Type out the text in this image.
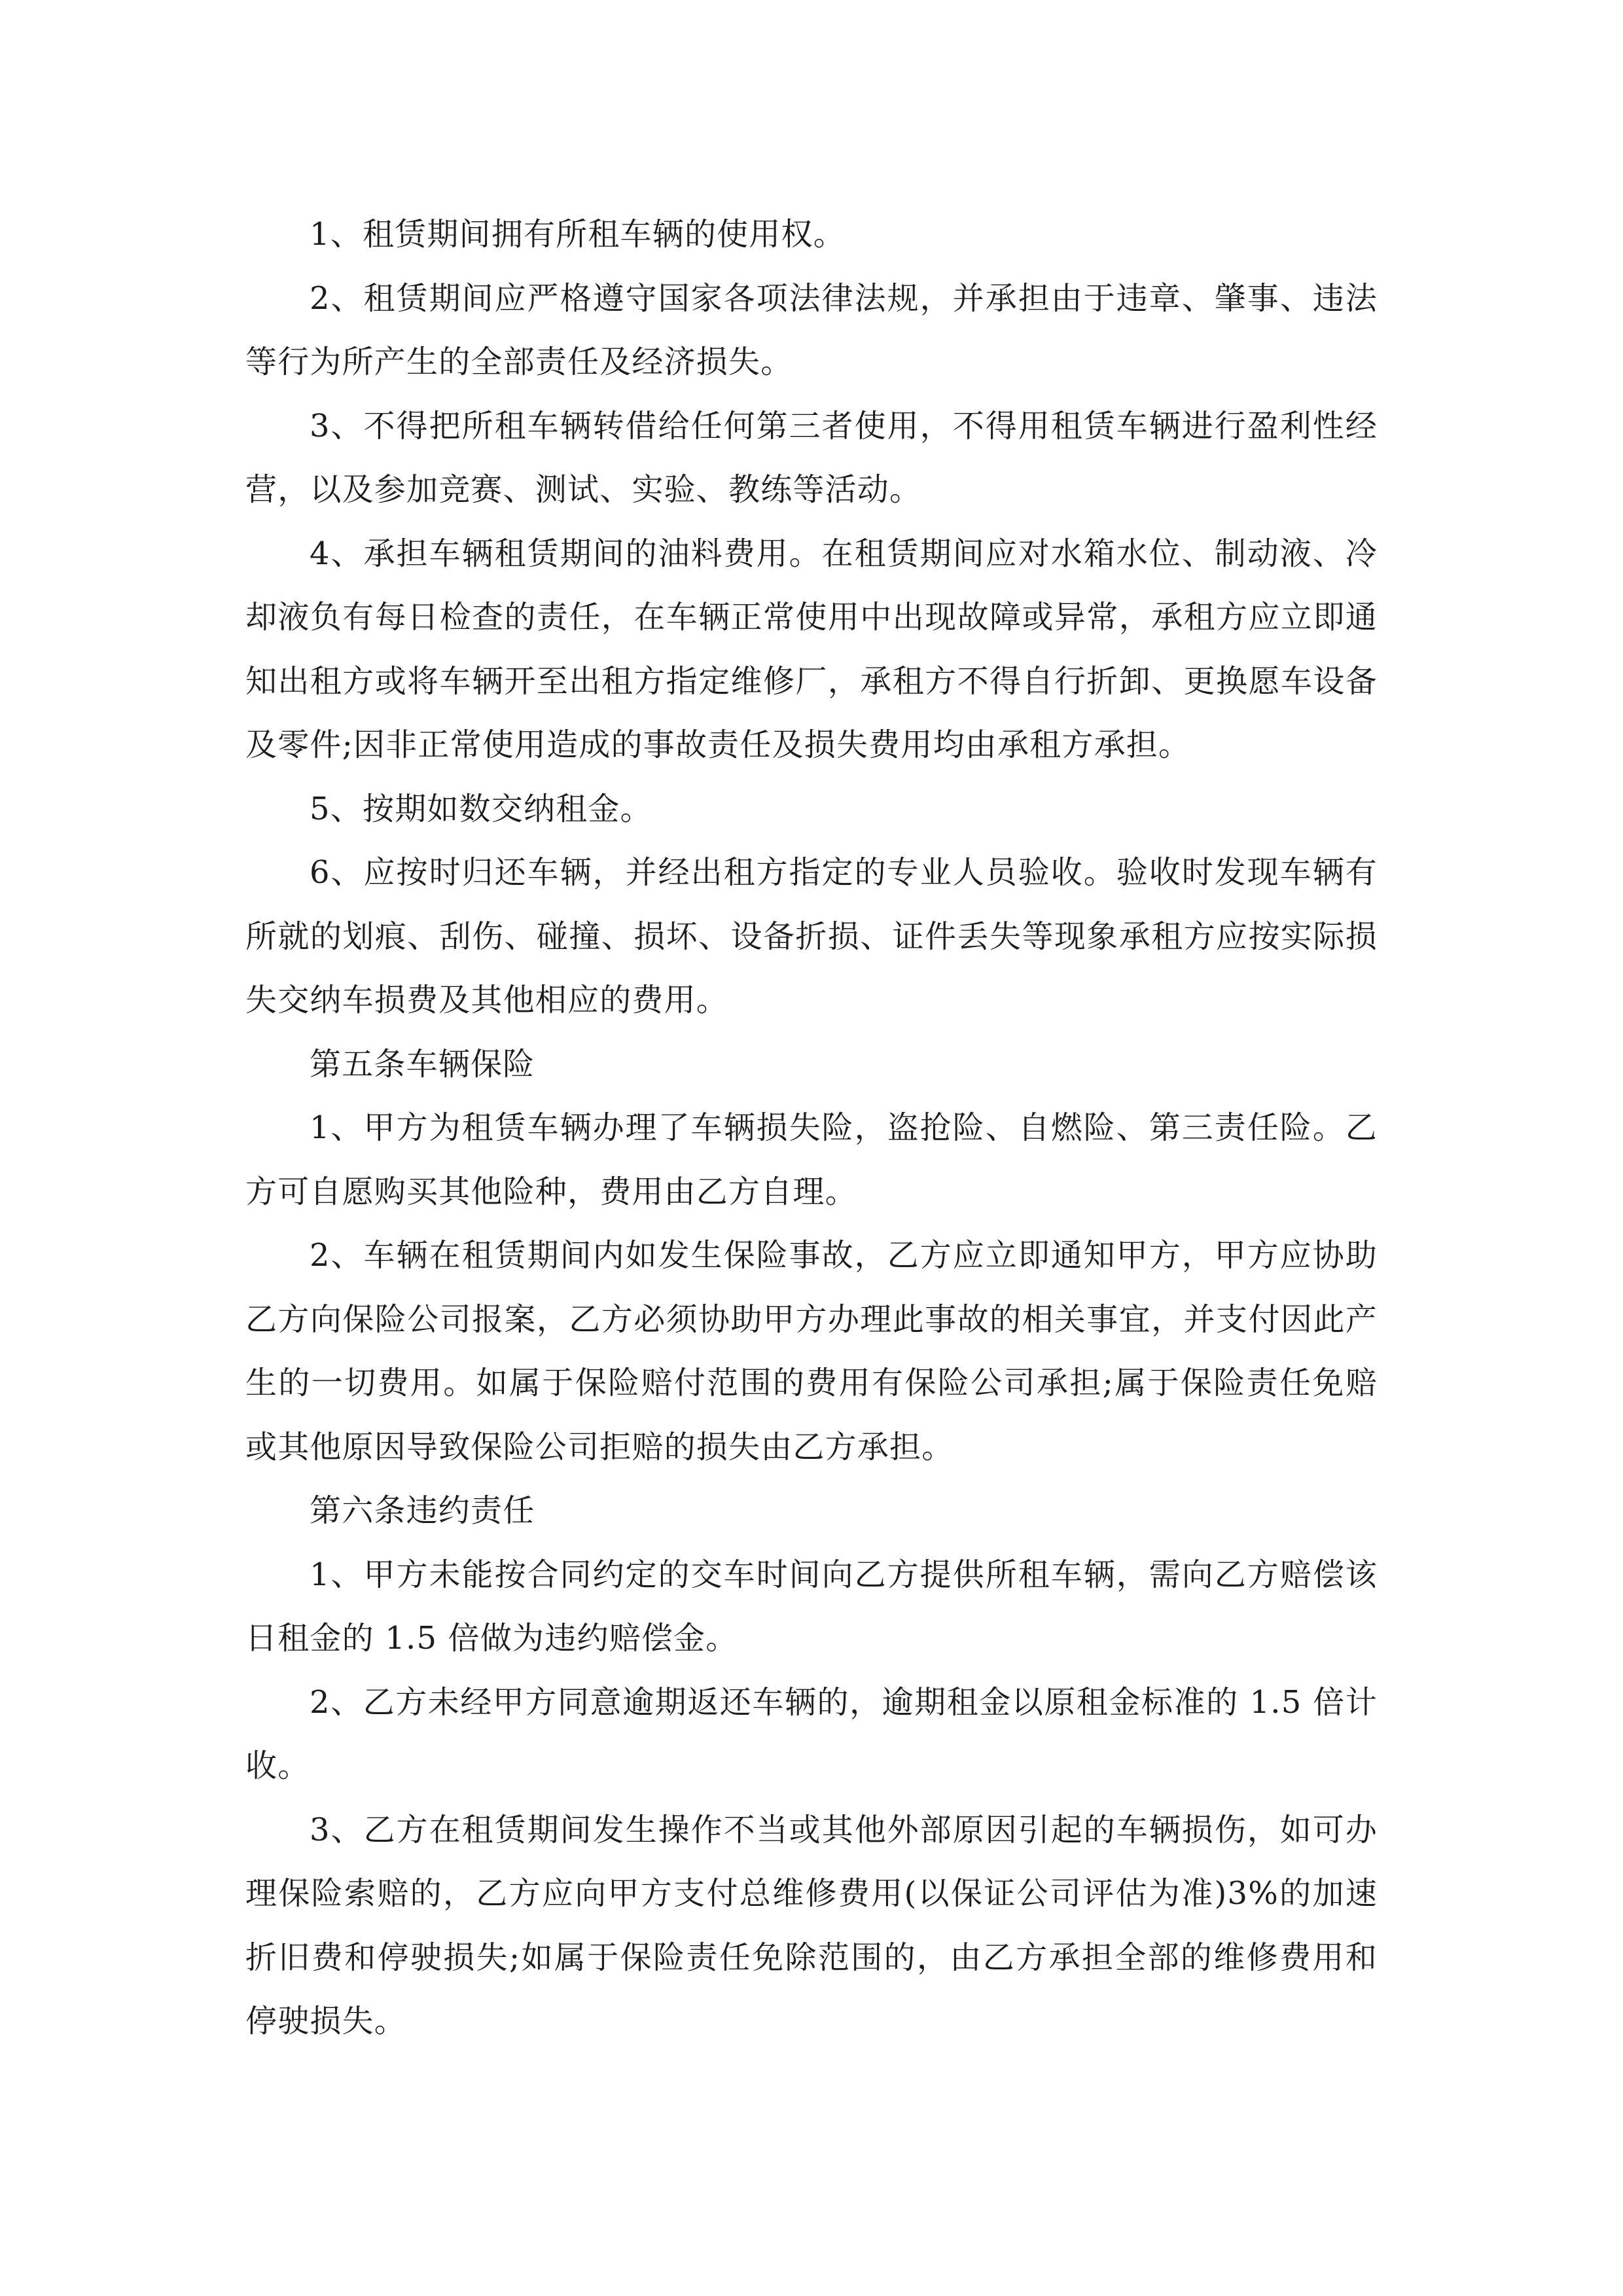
1、租赁期间拥有所租车辆的使用权。

2、租赁期间应严格遵守国家各项法律法规，并承担由于违章、肇事、违法等行为所产生的全部责任及经济损失。

3、不得把所租车辆转借给任何第三者使用，不得用租赁车辆进行盈利性经营，以及参加竞赛、测试、实验、教练等活动。

4、承担车辆租赁期间的油料费用。在租赁期间应对水箱水位、制动液、冷却液负有每日检查的责任，在车辆正常使用中出现故障或异常，承租方应立即通知出租方或将车辆开至出租方指定维修厂，承租方不得自行折卸、更换愿车设备及零件;因非正常使用造成的事故责任及损失费用均由承租方承担。

5、按期如数交纳租金。

6、应按时归还车辆，并经出租方指定的专业人员验收。验收时发现车辆有所就的划痕、刮伤、碰撞、损坏、设备折损、证件丢失等现象承租方应按实际损失交纳车损费及其他相应的费用。

第五条车辆保险

1、甲方为租赁车辆办理了车辆损失险，盗抢险、自燃险、第三责任险。乙方可自愿购买其他险种，费用由乙方自理。

2、车辆在租赁期间内如发生保险事故，乙方应立即通知甲方，甲方应协助乙方向保险公司报案，乙方必须协助甲方办理此事故的相关事宜，并支付因此产生的一切费用。如属于保险赔付范围的费用有保险公司承担;属于保险责任免赔或其他原因导致保险公司拒赔的损失由乙方承担。

第六条违约责任

1、甲方未能按合同约定的交车时间向乙方提供所租车辆，需向乙方赔偿该日租金的 1.5 倍做为违约赔偿金。

2、乙方未经甲方同意逾期返还车辆的，逾期租金以原租金标准的 1.5 倍计收。

3、乙方在租赁期间发生操作不当或其他外部原因引起的车辆损伤，如可办理保险索赔的，乙方应向甲方支付总维修费用(以保证公司评估为准)3%的加速折旧费和停驶损失;如属于保险责任免除范围的，由乙方承担全部的维修费用和停驶损失。
